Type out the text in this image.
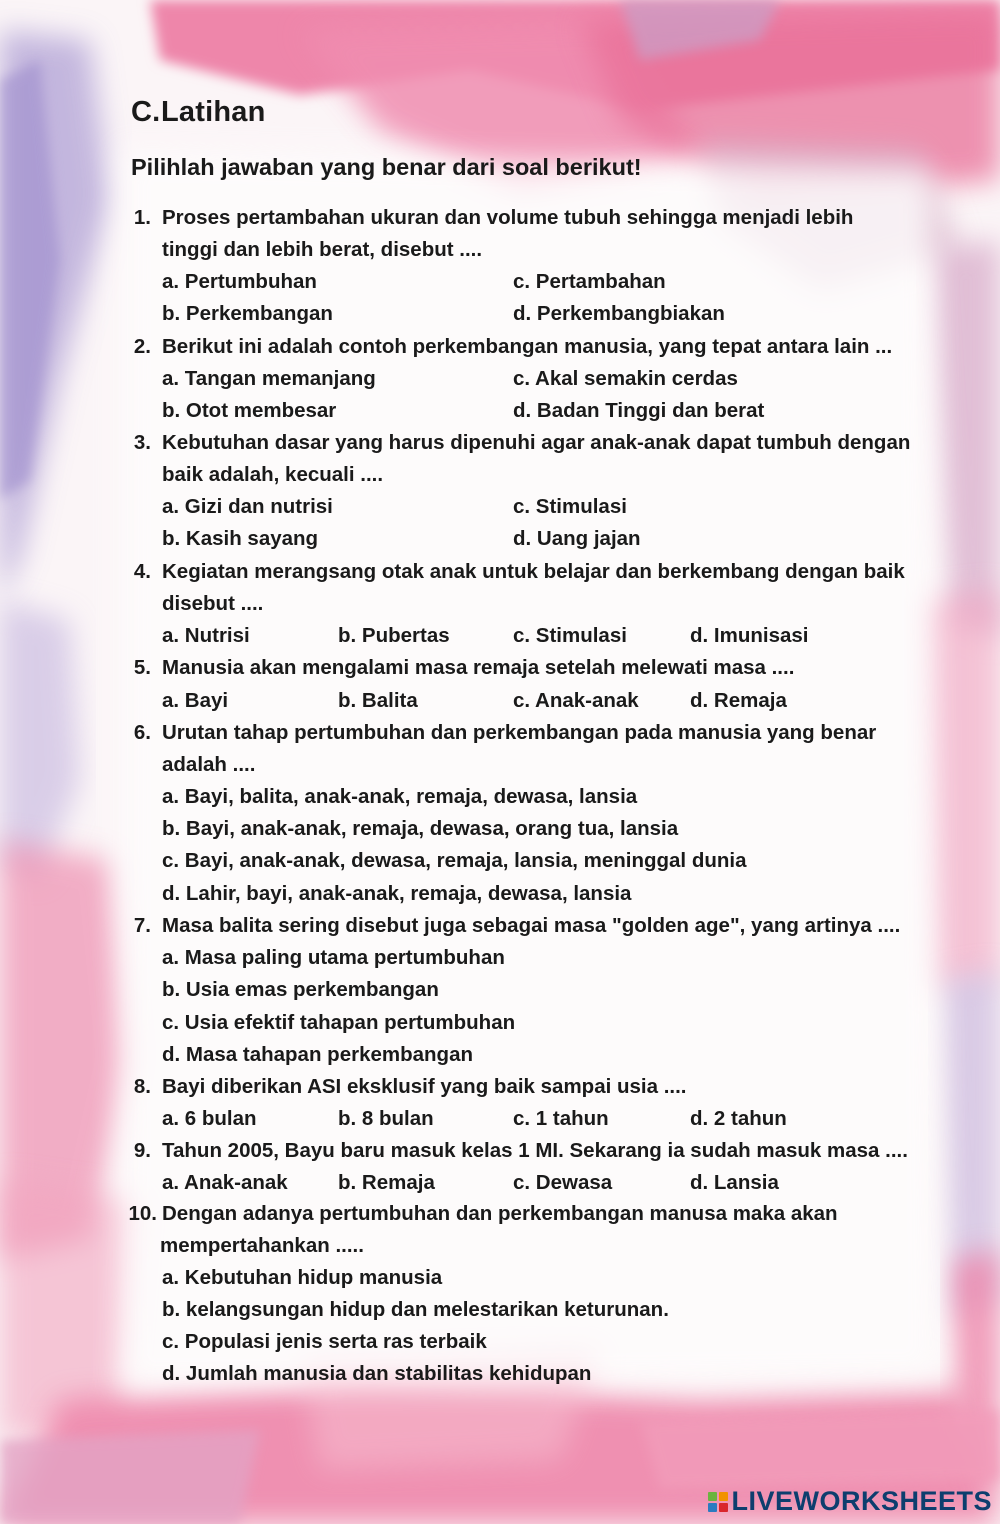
C.Latihan
Pilihlah jawaban yang benar dari soal berikut!
1. Proses pertambahan ukuran dan volume tubuh sehingga menjadi lebih
tinggi dan lebih berat, disebut ....
a. Pertumbuhan
b. Perkembangan
c. Pertambahan
d. Perkembangbiakan
2. Berikut ini adalah contoh perkembangan manusia, yang tepat antara lain ...
a. Tangan memanjang
b. Otot membesar
c. Akal semakin cerdas
d. Badan Tinggi dan berat
3. Kebutuhan dasar yang harus dipenuhi agar anak-anak dapat tumbuh dengan
baik adalah, kecuali ....
a. Gizi dan nutrisi
b. Kasih sayang
c. Stimulasi
d. Uang jajan
4. Kegiatan merangsang otak anak untuk belajar dan berkembang dengan baik
disebut ....
a. Nutrisi	b. Pubertas	c. Stimulasi	d. Imunisasi
5. Manusia akan mengalami masa remaja setelah melewati masa ....
a. Bayi	b. Balita	c. Anak-anak	d. Remaja
6. Urutan tahap pertumbuhan dan perkembangan pada manusia yang benar
adalah ....
a. Bayi, balita, anak-anak, remaja, dewasa, lansia
b. Bayi, anak-anak, remaja, dewasa, orang tua, lansia
c. Bayi, anak-anak, dewasa, remaja, lansia, meninggal dunia
d. Lahir, bayi, anak-anak, remaja, dewasa, lansia
7. Masa balita sering disebut juga sebagai masa "golden age", yang artinya ....
a. Masa paling utama pertumbuhan
b. Usia emas perkembangan
c. Usia efektif tahapan pertumbuhan
d. Masa tahapan perkembangan
8. Bayi diberikan ASI eksklusif yang baik sampai usia ....
a. 6 bulan	b. 8 bulan	c. 1 tahun	d. 2 tahun
9. Tahun 2005, Bayu baru masuk kelas 1 MI. Sekarang ia sudah masuk masa ....
a. Anak-anak b. Remaja	c. Dewasa	d. Lansia
10. Dengan adanya pertumbuhan dan perkembangan manusa maka akan
mempertahankan .....
a. Kebutuhan hidup manusia
b. kelangsungan hidup dan melestarikan keturunan.
c. Populasi jenis serta ras terbaik
d. Jumlah manusia dan stabilitas kehidupan
LIVEWORKSHEETS
